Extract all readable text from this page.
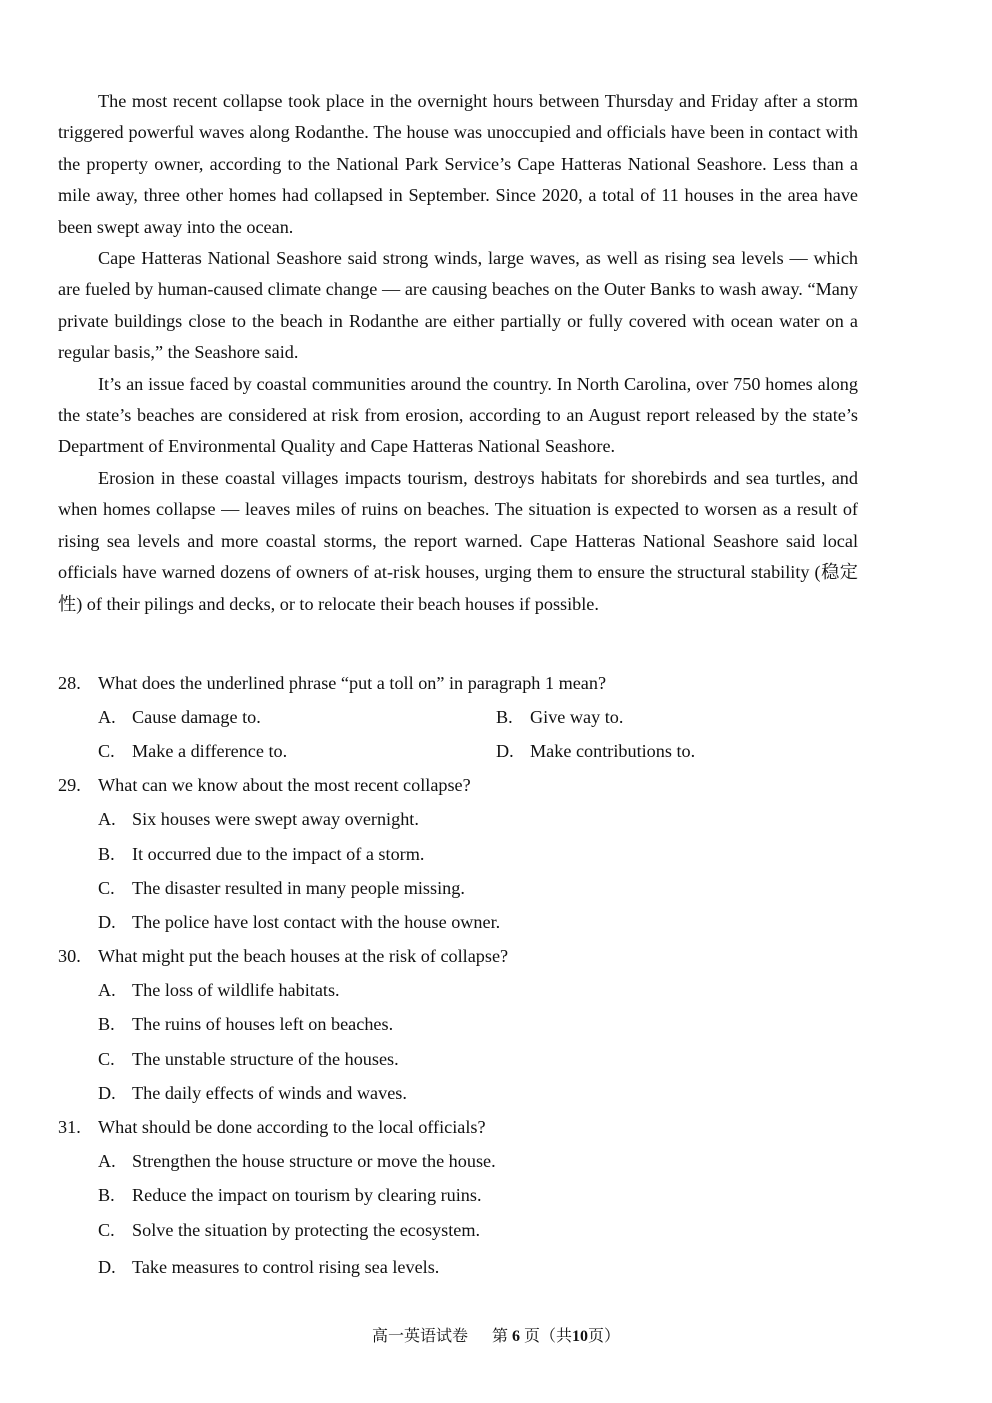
The most recent collapse took place in the overnight hours between Thursday and Friday after a storm triggered powerful waves along Rodanthe. The house was unoccupied and officials have been in contact with the property owner, according to the National Park Service’s Cape Hatteras National Seashore. Less than a mile away, three other homes had collapsed in September. Since 2020, a total of 11 houses in the area have been swept away into the ocean.

Cape Hatteras National Seashore said strong winds, large waves, as well as rising sea levels — which are fueled by human-caused climate change — are causing beaches on the Outer Banks to wash away. “Many private buildings close to the beach in Rodanthe are either partially or fully covered with ocean water on a regular basis,” the Seashore said.

It’s an issue faced by coastal communities around the country. In North Carolina, over 750 homes along the state’s beaches are considered at risk from erosion, according to an August report released by the state’s Department of Environmental Quality and Cape Hatteras National Seashore.

Erosion in these coastal villages impacts tourism, destroys habitats for shorebirds and sea turtles, and when homes collapse — leaves miles of ruins on beaches. The situation is expected to worsen as a result of rising sea levels and more coastal storms, the report warned. Cape Hatteras National Seashore said local officials have warned dozens of owners of at-risk houses, urging them to ensure the structural stability (稳定性) of their pilings and decks, or to relocate their beach houses if possible.

28. What does the underlined phrase “put a toll on” in paragraph 1 mean?
A. Cause damage to.	B. Give way to.
C. Make a difference to.	D. Make contributions to.
29. What can we know about the most recent collapse?
A. Six houses were swept away overnight.
B. It occurred due to the impact of a storm.
C. The disaster resulted in many people missing.
D. The police have lost contact with the house owner.
30. What might put the beach houses at the risk of collapse?
A. The loss of wildlife habitats.
B. The ruins of houses left on beaches.
C. The unstable structure of the houses.
D. The daily effects of winds and waves.
31. What should be done according to the local officials?
A. Strengthen the house structure or move the house.
B. Reduce the impact on tourism by clearing ruins.
C. Solve the situation by protecting the ecosystem.
D. Take measures to control rising sea levels.
高一英语试卷 第 6 页（共10页）
